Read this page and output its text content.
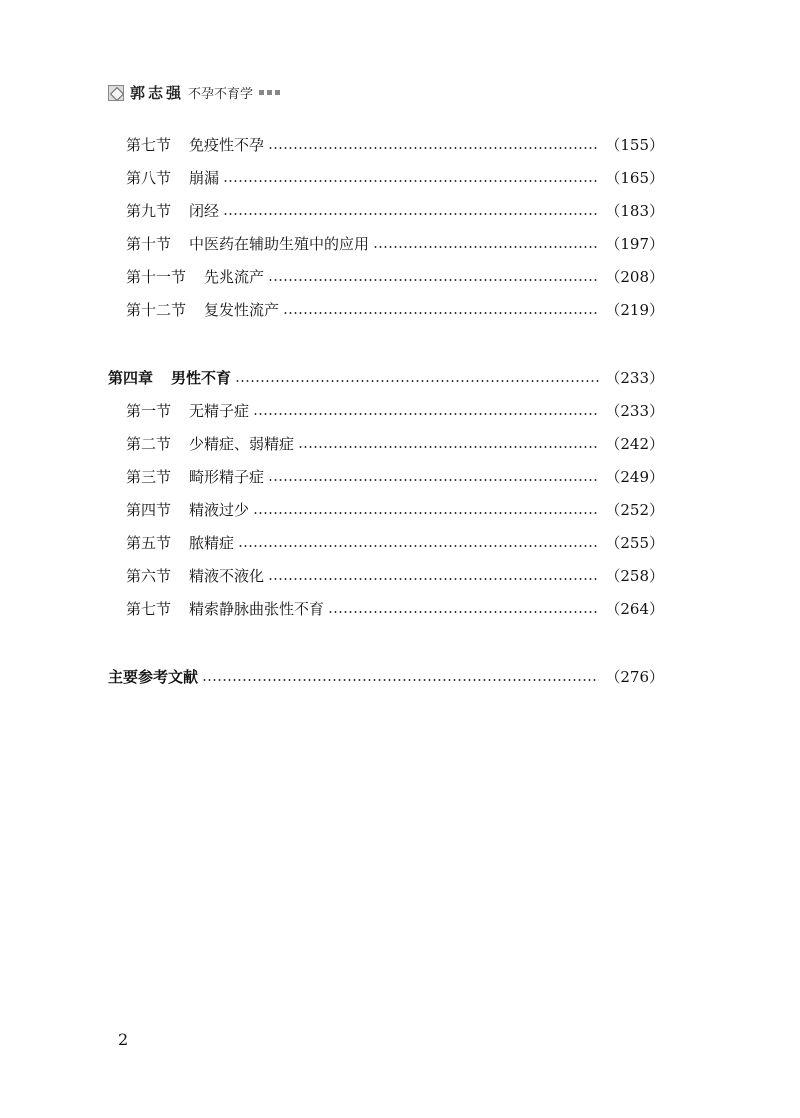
郭志强 不孕不育学
第七节 免疫性不孕	（155）
第八节 崩漏	（165）
第九节 闭经	（183）
第十节 中医药在辅助生殖中的应用	（197）
第十一节 先兆流产	（208）
第十二节 复发性流产	（219）
第四章 男性不育	（233）
第一节 无精子症	（233）
第二节 少精症、弱精症	（242）
第三节 畸形精子症	（249）
第四节 精液过少	（252）
第五节 脓精症	（255）
第六节 精液不液化	（258）
第七节 精索静脉曲张性不育	（264）
主要参考文献	（276）
2
